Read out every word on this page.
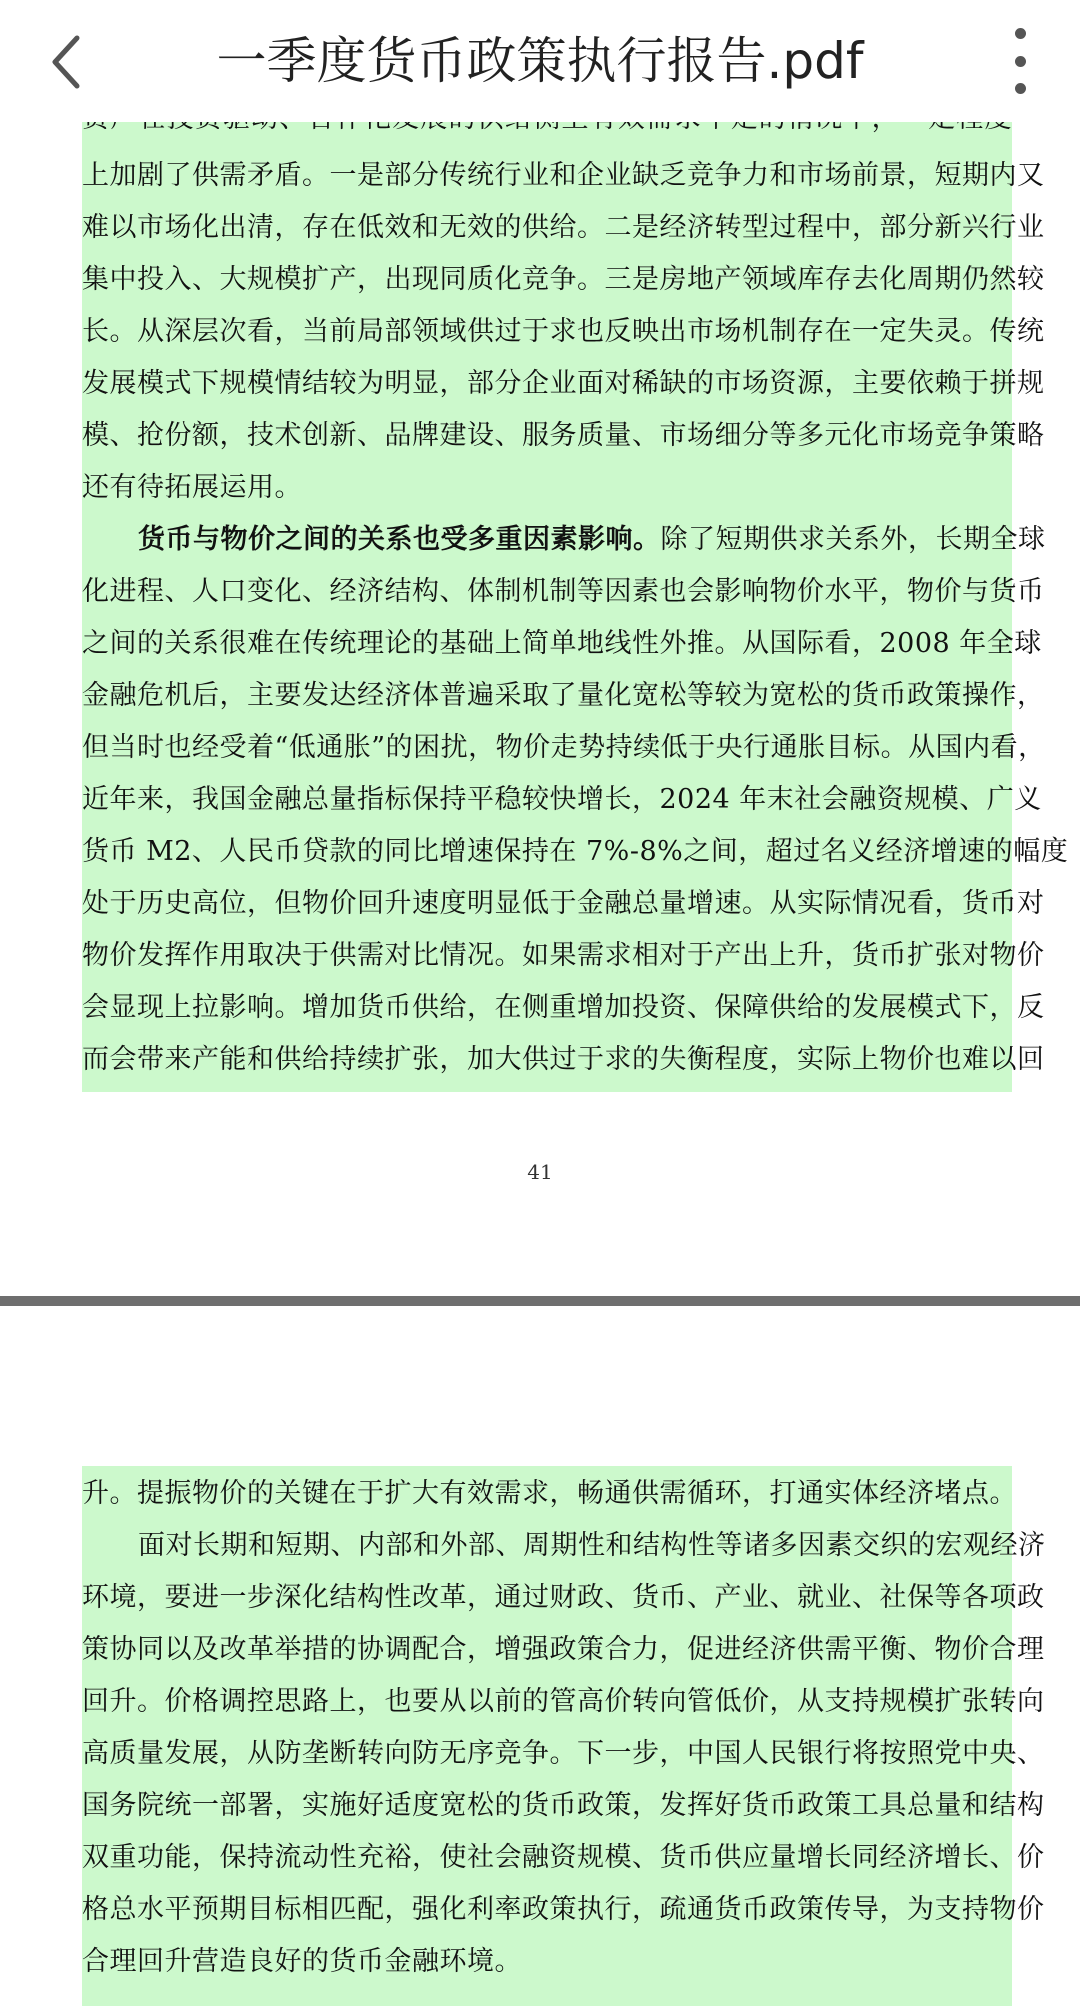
上加剧了供需矛盾。一是部分传统行业和企业缺乏竞争力和市场前景，短期内又
难以市场化出清，存在低效和无效的供给。二是经济转型过程中，部分新兴行业
集中投入、大规模扩产，出现同质化竞争。三是房地产领域库存去化周期仍然较
长。从深层次看，当前局部领域供过于求也反映出市场机制存在一定失灵。传统
发展模式下规模情结较为明显，部分企业面对稀缺的市场资源，主要依赖于拼规
模、抢份额，技术创新、品牌建设、服务质量、市场细分等多元化市场竞争策略
还有待拓展运用。
货币与物价之间的关系也受多重因素影响。除了短期供求关系外，长期全球
化进程、人口变化、经济结构、体制机制等因素也会影响物价水平，物价与货币
之间的关系很难在传统理论的基础上简单地线性外推。从国际看，2008 年全球
金融危机后，主要发达经济体普遍采取了量化宽松等较为宽松的货币政策操作，
但当时也经受着“低通胀”的困扰，物价走势持续低于央行通胀目标。从国内看，
近年来，我国金融总量指标保持平稳较快增长，2024 年末社会融资规模、广义
货币 M2、人民币贷款的同比增速保持在 7%-8%之间，超过名义经济增速的幅度
处于历史高位，但物价回升速度明显低于金融总量增速。从实际情况看，货币对
物价发挥作用取决于供需对比情况。如果需求相对于产出上升，货币扩张对物价
会显现上拉影响。增加货币供给，在侧重增加投资、保障供给的发展模式下，反
而会带来产能和供给持续扩张，加大供过于求的失衡程度，实际上物价也难以回
41
升。提振物价的关键在于扩大有效需求，畅通供需循环，打通实体经济堵点。
面对长期和短期、内部和外部、周期性和结构性等诸多因素交织的宏观经济
环境，要进一步深化结构性改革，通过财政、货币、产业、就业、社保等各项政
策协同以及改革举措的协调配合，增强政策合力，促进经济供需平衡、物价合理
回升。价格调控思路上，也要从以前的管高价转向管低价，从支持规模扩张转向
高质量发展，从防垄断转向防无序竞争。下一步，中国人民银行将按照党中央、
国务院统一部署，实施好适度宽松的货币政策，发挥好货币政策工具总量和结构
双重功能，保持流动性充裕，使社会融资规模、货币供应量增长同经济增长、价
格总水平预期目标相匹配，强化利率政策执行，疏通货币政策传导，为支持物价
合理回升营造良好的货币金融环境。
一季度货币政策执行报告.pdf
